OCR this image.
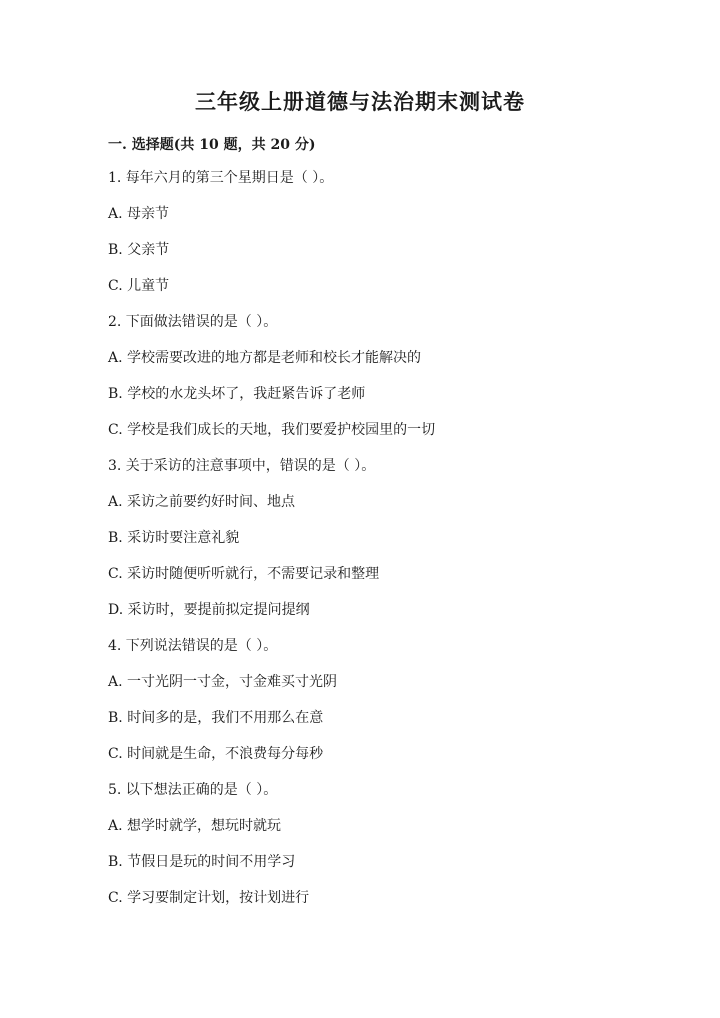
三年级上册道德与法治期末测试卷
一. 选择题(共 10 题，共 20 分)
1. 每年六月的第三个星期日是（ ）。
A. 母亲节
B. 父亲节
C. 儿童节
2. 下面做法错误的是（ ）。
A. 学校需要改进的地方都是老师和校长才能解决的
B. 学校的水龙头坏了，我赶紧告诉了老师
C. 学校是我们成长的天地，我们要爱护校园里的一切
3. 关于采访的注意事项中，错误的是（ ）。
A. 采访之前要约好时间、地点
B. 采访时要注意礼貌
C. 采访时随便听听就行，不需要记录和整理
D. 采访时，要提前拟定提问提纲
4. 下列说法错误的是（ ）。
A. 一寸光阴一寸金，寸金难买寸光阴
B. 时间多的是，我们不用那么在意
C. 时间就是生命，不浪费每分每秒
5. 以下想法正确的是（ ）。
A. 想学时就学，想玩时就玩
B. 节假日是玩的时间不用学习
C. 学习要制定计划，按计划进行
